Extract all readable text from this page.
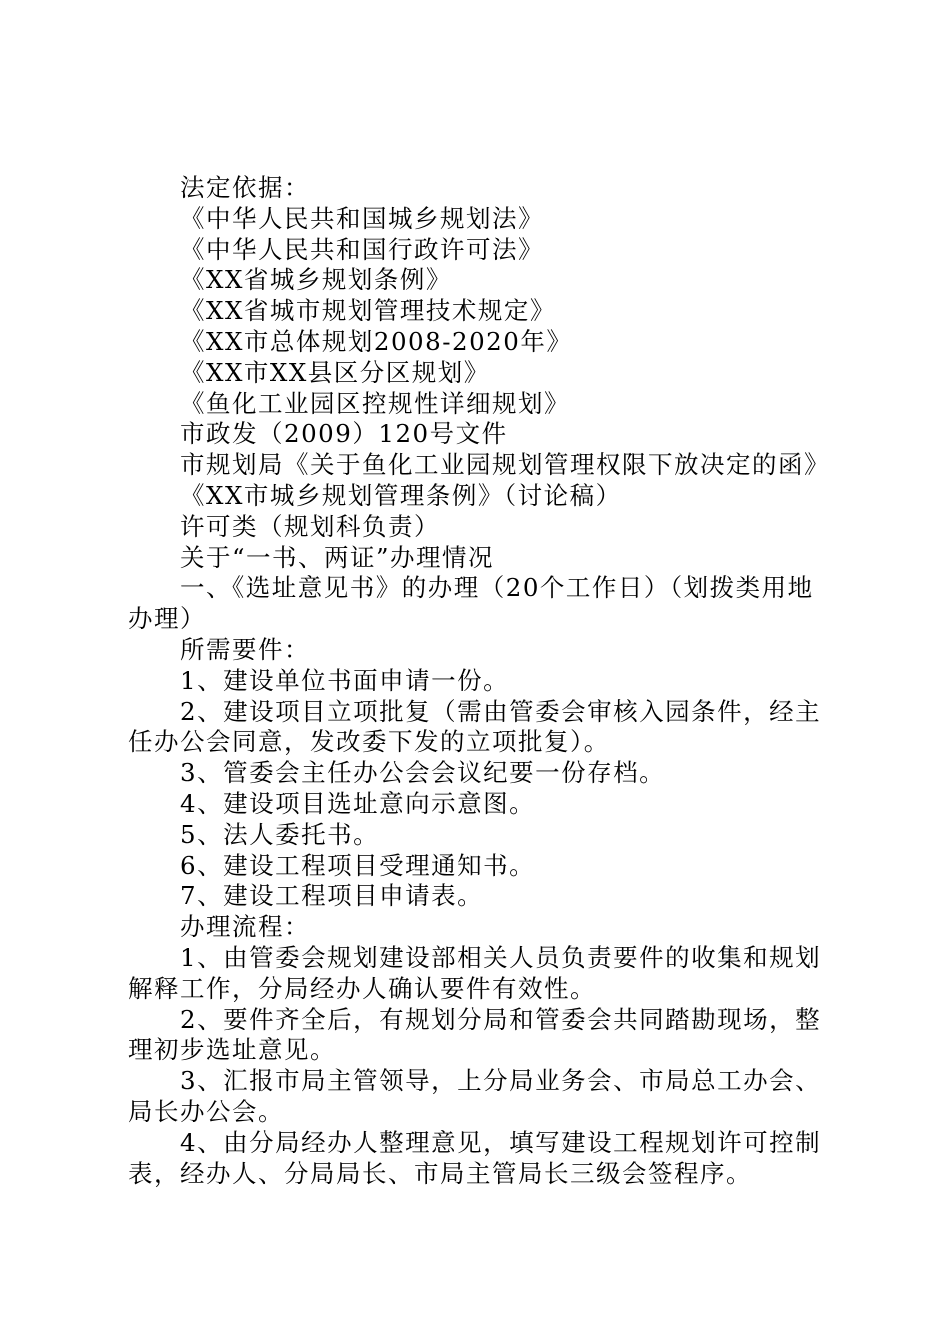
法定依据：

《中华人民共和国城乡规划法》

《中华人民共和国行政许可法》

《XX省城乡规划条例》

《XX省城市规划管理技术规定》

《XX市总体规划2008-2020年》

《XX市XX县区分区规划》

《鱼化工业园区控规性详细规划》

市政发（2009）120号文件

市规划局《关于鱼化工业园规划管理权限下放决定的函》

《XX市城乡规划管理条例》（讨论稿）

许可类（规划科负责）

关于“一书、两证”办理情况

一、《选址意见书》的办理（20个工作日）（划拨类用地办理）

所需要件：

1、建设单位书面申请一份。

2、建设项目立项批复（需由管委会审核入园条件，经主任办公会同意，发改委下发的立项批复）。

3、管委会主任办公会会议纪要一份存档。

4、建设项目选址意向示意图。

5、法人委托书。

6、建设工程项目受理通知书。

7、建设工程项目申请表。

办理流程：

1、由管委会规划建设部相关人员负责要件的收集和规划解释工作，分局经办人确认要件有效性。

2、要件齐全后，有规划分局和管委会共同踏勘现场，整理初步选址意见。

3、汇报市局主管领导，上分局业务会、市局总工办会、局长办公会。

4、由分局经办人整理意见，填写建设工程规划许可控制表，经办人、分局局长、市局主管局长三级会签程序。
